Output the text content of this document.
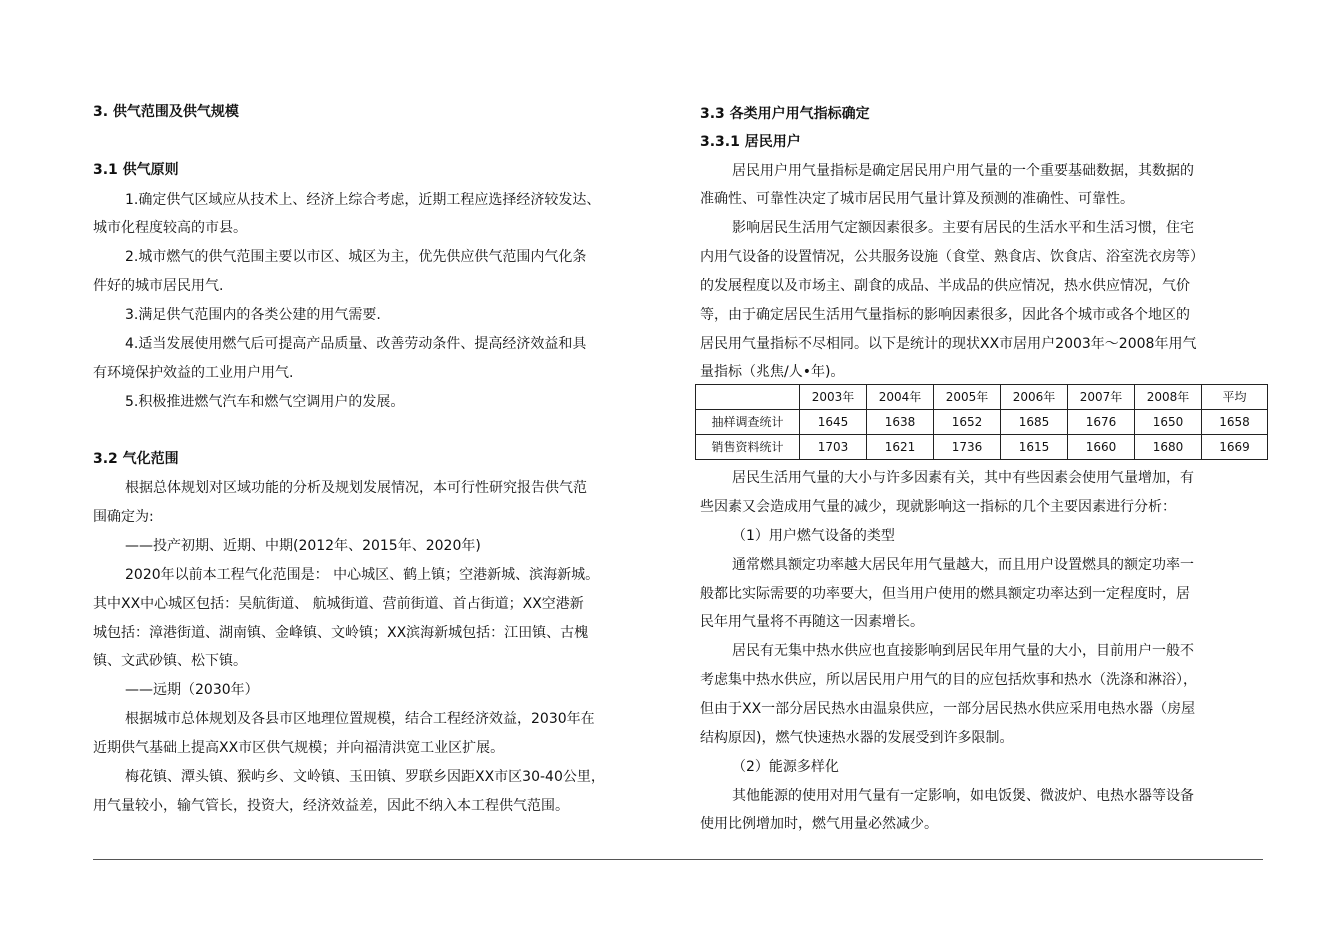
3. 供气范围及供气规模
3.1 供气原则
1.确定供气区域应从技术上、经济上综合考虑，近期工程应选择经济较发达、
城市化程度较高的市县。
2.城市燃气的供气范围主要以市区、城区为主，优先供应供气范围内气化条
件好的城市居民用气.
3.满足供气范围内的各类公建的用气需要.
4.适当发展使用燃气后可提高产品质量、改善劳动条件、提高经济效益和具
有环境保护效益的工业用户用气.
5.积极推进燃气汽车和燃气空调用户的发展。
3.2 气化范围
根据总体规划对区域功能的分析及规划发展情况，本可行性研究报告供气范
围确定为:
——投产初期、近期、中期(2012年、2015年、2020年)
2020年以前本工程气化范围是： 中心城区、鹤上镇；空港新城、滨海新城。
其中XX中心城区包括：吴航街道、 航城街道、营前街道、首占街道；XX空港新
城包括：漳港街道、湖南镇、金峰镇、文岭镇；XX滨海新城包括：江田镇、古槐
镇、文武砂镇、松下镇。
——远期（2030年）
根据城市总体规划及各县市区地理位置规模，结合工程经济效益，2030年在
近期供气基础上提高XX市区供气规模；并向福清洪宽工业区扩展。
梅花镇、潭头镇、猴屿乡、文岭镇、玉田镇、罗联乡因距XX市区30-40公里，
用气量较小，输气管长，投资大，经济效益差，因此不纳入本工程供气范围。
3.3 各类用户用气指标确定
3.3.1 居民用户
居民用户用气量指标是确定居民用户用气量的一个重要基础数据，其数据的
准确性、可靠性决定了城市居民用气量计算及预测的准确性、可靠性。
影响居民生活用气定额因素很多。主要有居民的生活水平和生活习惯，住宅
内用气设备的设置情况，公共服务设施（食堂、熟食店、饮食店、浴室洗衣房等）
的发展程度以及市场主、副食的成品、半成品的供应情况，热水供应情况，气价
等，由于确定居民生活用气量指标的影响因素很多，因此各个城市或各个地区的
居民用气量指标不尽相同。以下是统计的现状XX市居用户2003年～2008年用气
量指标（兆焦/人•年)。
	2003年	2004年	2005年	2006年	2007年	2008年	平均
抽样调查统计	1645	1638	1652	1685	1676	1650	1658
销售资料统计	1703	1621	1736	1615	1660	1680	1669
居民生活用气量的大小与许多因素有关，其中有些因素会使用气量增加，有
些因素又会造成用气量的减少，现就影响这一指标的几个主要因素进行分析：
（1）用户燃气设备的类型
通常燃具额定功率越大居民年用气量越大，而且用户设置燃具的额定功率一
般都比实际需要的功率要大，但当用户使用的燃具额定功率达到一定程度时，居
民年用气量将不再随这一因素增长。
居民有无集中热水供应也直接影响到居民年用气量的大小，目前用户一般不
考虑集中热水供应，所以居民用户用气的目的应包括炊事和热水（洗涤和淋浴），
但由于XX一部分居民热水由温泉供应，一部分居民热水供应采用电热水器（房屋
结构原因)，燃气快速热水器的发展受到许多限制。
（2）能源多样化
其他能源的使用对用气量有一定影响，如电饭煲、微波炉、电热水器等设备
使用比例增加时，燃气用量必然减少。
